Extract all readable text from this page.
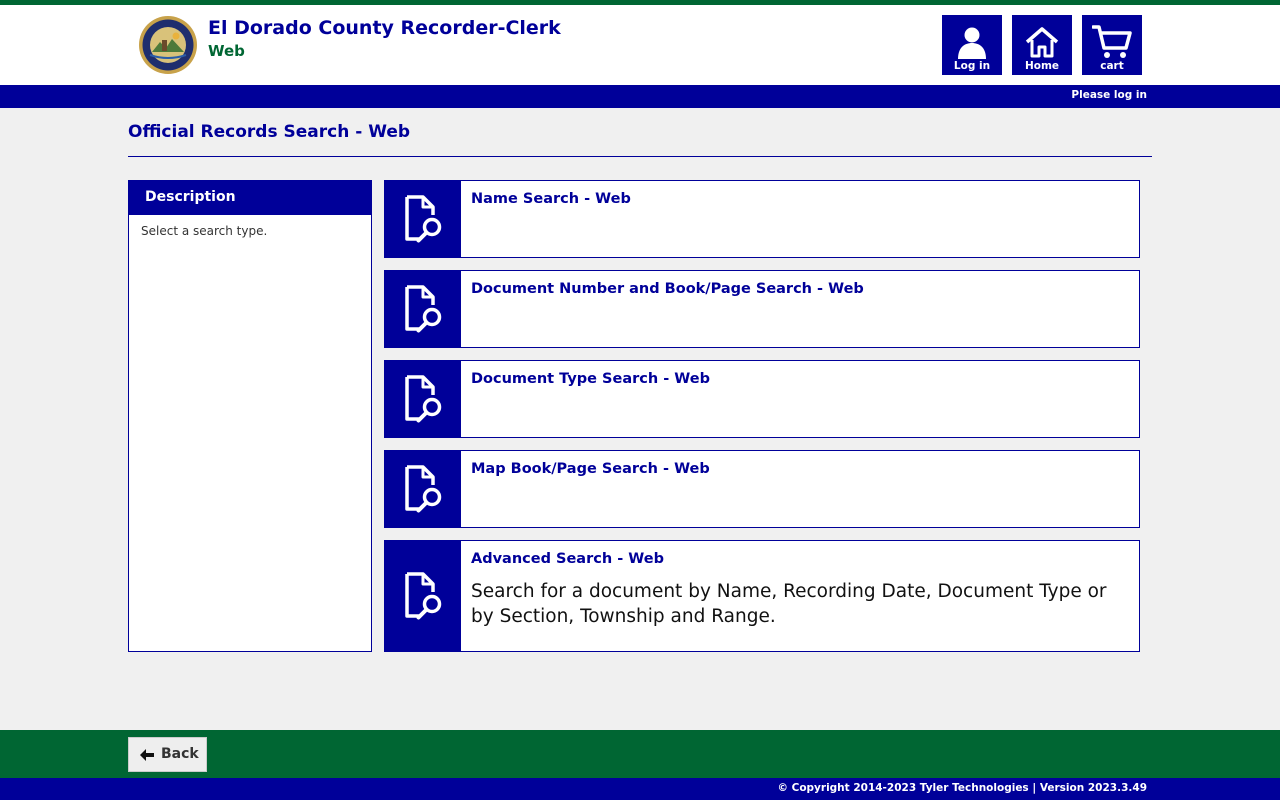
El Dorado County Recorder-Clerk
Web
Log in	Home	cart
Please log in
Official Records Search - Web
Description
Select a search type.
Name Search - Web
Document Number and Book/Page Search - Web
Document Type Search - Web
Map Book/Page Search - Web
Advanced Search - Web
Search for a document by Name, Recording Date, Document Type or by Section, Township and Range.
Back
© Copyright 2014-2023 Tyler Technologies | Version 2023.3.49
